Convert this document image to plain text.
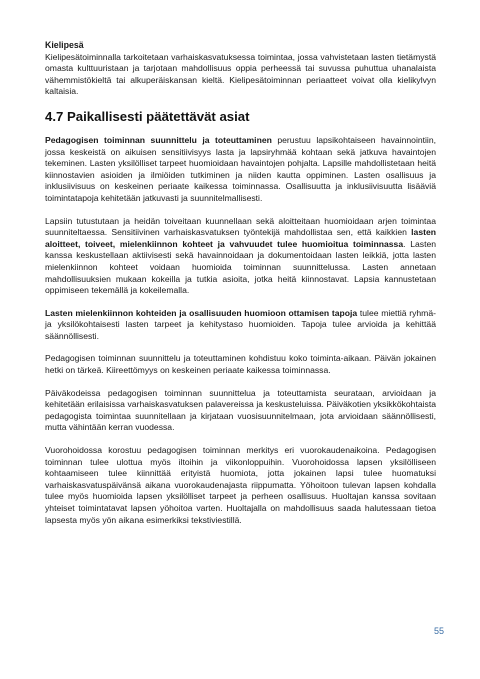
Kielipesä

Kielipesätoiminnalla tarkoitetaan varhaiskasvatuksessa toimintaa, jossa vahvistetaan lasten tietämystä omasta kulttuuristaan ja tarjotaan mahdollisuus oppia perheessä tai suvussa puhuttua uhanalaista vähemmistökieltä tai alkuperäiskansan kieltä. Kielipesätoiminnan periaatteet voivat olla kielikylvyn kaltaisia.

4.7 Paikallisesti päätettävät asiat

Pedagogisen toiminnan suunnittelu ja toteuttaminen perustuu lapsikohtaiseen havainnointiin, jossa keskeistä on aikuisen sensitiivisyys lasta ja lapsiryhmää kohtaan sekä jatkuva havaintojen tekeminen. Lasten yksilölliset tarpeet huomioidaan havaintojen pohjalta. Lapsille mahdollistetaan heitä kiinnostavien asioiden ja ilmiöiden tutkiminen ja niiden kautta oppiminen. Lasten osallisuus ja inklusiivisuus on keskeinen periaate kaikessa toiminnassa. Osallisuutta ja inklusiivisuutta lisääviä toimintatapoja kehitetään jatkuvasti ja suunnitelmallisesti.

Lapsiin tutustutaan ja heidän toiveitaan kuunnellaan sekä aloitteitaan huomioidaan arjen toimintaa suunniteltaessa. Sensitiivinen varhaiskasvatuksen työntekijä mahdollistaa sen, että kaikkien lasten aloitteet, toiveet, mielenkiinnon kohteet ja vahvuudet tulee huomioitua toiminnassa. Lasten kanssa keskustellaan aktiivisesti sekä havainnoidaan ja dokumentoidaan lasten leikkiä, jotta lasten mielenkiinnon kohteet voidaan huomioida toiminnan suunnittelussa. Lasten annetaan mahdollisuuksien mukaan kokeilla ja tutkia asioita, jotka heitä kiinnostavat. Lapsia kannustetaan oppimiseen tekemällä ja kokeilemalla.

Lasten mielenkiinnon kohteiden ja osallisuuden huomioon ottamisen tapoja tulee miettiä ryhmä- ja yksilökohtaisesti lasten tarpeet ja kehitystaso huomioiden. Tapoja tulee arvioida ja kehittää säännöllisesti.

Pedagogisen toiminnan suunnittelu ja toteuttaminen kohdistuu koko toiminta-aikaan. Päivän jokainen hetki on tärkeä. Kiireettömyys on keskeinen periaate kaikessa toiminnassa.

Päiväkodeissa pedagogisen toiminnan suunnittelua ja toteuttamista seurataan, arvioidaan ja kehitetään erilaisissa varhaiskasvatuksen palavereissa ja keskusteluissa. Päiväkotien yksikkökohtaista pedagogista toimintaa suunnitellaan ja kirjataan vuosisuunnitelmaan, jota arvioidaan säännöllisesti, mutta vähintään kerran vuodessa.

Vuorohoidossa korostuu pedagogisen toiminnan merkitys eri vuorokaudenaikoina. Pedagogisen toiminnan tulee ulottua myös iltoihin ja viikonloppuihin. Vuorohoidossa lapsen yksilölliseen kohtaamiseen tulee kiinnittää erityistä huomiota, jotta jokainen lapsi tulee huomatuksi varhaiskasvatuspäivänsä aikana vuorokaudenajasta riippumatta. Yöhoitoon tulevan lapsen kohdalla tulee myös huomioida lapsen yksilölliset tarpeet ja perheen osallisuus. Huoltajan kanssa sovitaan yhteiset toimintatavat lapsen yöhoitoa varten. Huoltajalla on mahdollisuus saada halutessaan tietoa lapsesta myös yön aikana esimerkiksi tekstiviestillä.

55
